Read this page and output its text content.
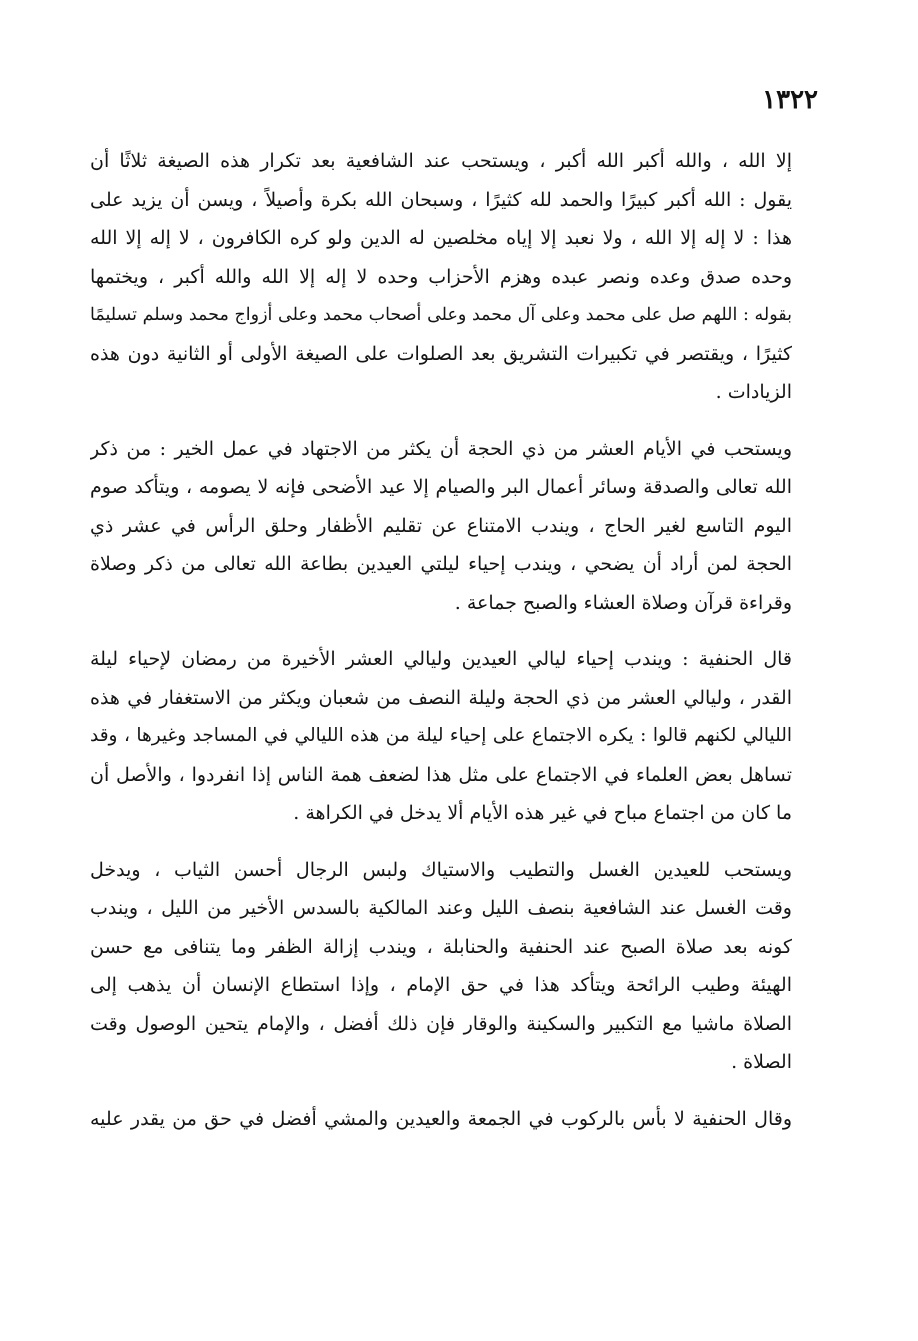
١٣٢٢
إلا الله ، والله أكبر الله أكبر ، ويستحب عند الشافعية بعد تكرار هذه الصيغة ثلاثًا أن
يقول : الله أكبر كبيرًا والحمد لله كثيرًا ، وسبحان الله بكرة وأصيلاً ، ويسن أن يزيد على
هذا : لا إله إلا الله ، ولا نعبد إلا إياه مخلصين له الدين ولو كره الكافرون ، لا إله إلا الله
وحده صدق وعده ونصر عبده وهزم الأحزاب وحده لا إله إلا الله والله أكبر ، ويختمها
بقوله : اللهم صل على محمد وعلى آل محمد وعلى أصحاب محمد وعلى أزواج محمد وسلم تسليمًا
كثيرًا ، ويقتصر في تكبيرات التشريق بعد الصلوات على الصيغة الأولى أو الثانية دون هذه
الزيادات .
ويستحب في الأيام العشر من ذي الحجة أن يكثر من الاجتهاد في عمل الخير : من ذكر
الله تعالى والصدقة وسائر أعمال البر والصيام إلا عيد الأضحى فإنه لا يصومه ، ويتأكد صوم
اليوم التاسع لغير الحاج ، ويندب الامتناع عن تقليم الأظفار وحلق الرأس في عشر ذي
الحجة لمن أراد أن يضحي ، ويندب إحياء ليلتي العيدين بطاعة الله تعالى من ذكر وصلاة
وقراءة قرآن وصلاة العشاء والصبح جماعة .
قال الحنفية : ويندب إحياء ليالي العيدين وليالي العشر الأخيرة من رمضان لإحياء ليلة
القدر ، وليالي العشر من ذي الحجة وليلة النصف من شعبان ويكثر من الاستغفار في هذه
الليالي لكنهم قالوا : يكره الاجتماع على إحياء ليلة من هذه الليالي في المساجد وغيرها ، وقد
تساهل بعض العلماء في الاجتماع على مثل هذا لضعف همة الناس إذا انفردوا ، والأصل أن
ما كان من اجتماع مباح في غير هذه الأيام ألا يدخل في الكراهة .
ويستحب للعيدين الغسل والتطيب والاستياك ولبس الرجال أحسن الثياب ، ويدخل
وقت الغسل عند الشافعية بنصف الليل وعند المالكية بالسدس الأخير من الليل ، ويندب
كونه بعد صلاة الصبح عند الحنفية والحنابلة ، ويندب إزالة الظفر وما يتنافى مع حسن
الهيئة وطيب الرائحة ويتأكد هذا في حق الإمام ، وإذا استطاع الإنسان أن يذهب إلى
الصلاة ماشيا مع التكبير والسكينة والوقار فإن ذلك أفضل ، والإمام يتحين الوصول وقت
الصلاة .
وقال الحنفية لا بأس بالركوب في الجمعة والعيدين والمشي أفضل في حق من يقدر عليه
